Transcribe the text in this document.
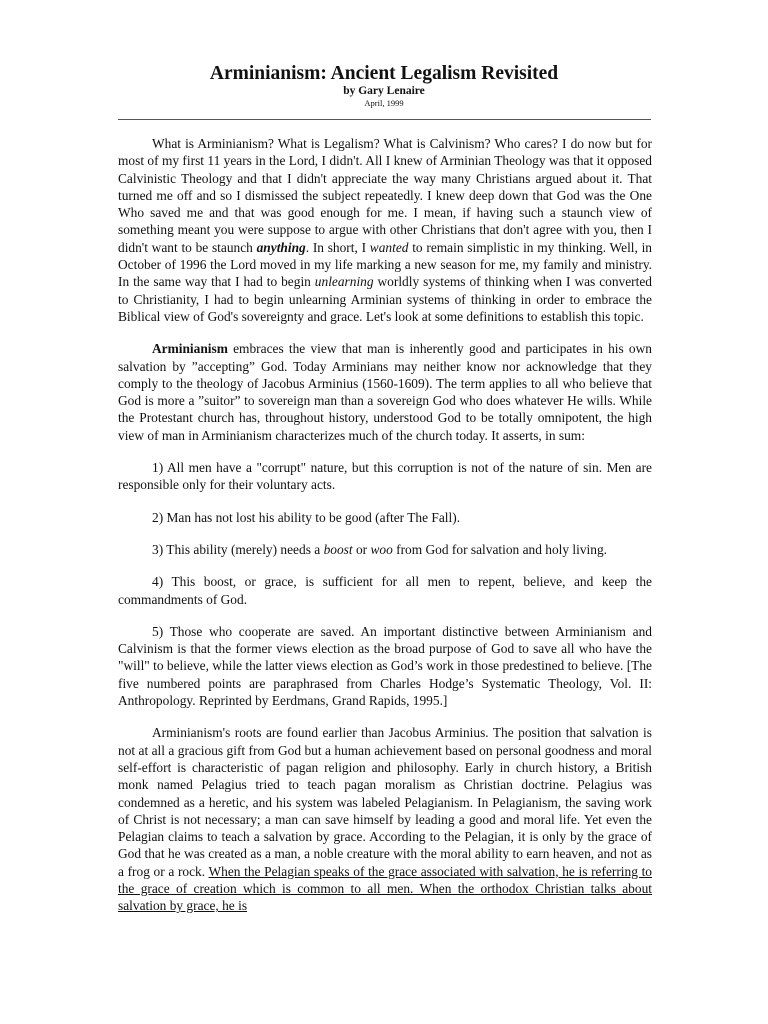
Arminianism: Ancient Legalism Revisited
by Gary Lenaire
April, 1999

What is Arminianism? What is Legalism? What is Calvinism? Who cares? I do now but for most of my first 11 years in the Lord, I didn't. All I knew of Arminian Theology was that it opposed Calvinistic Theology and that I didn't appreciate the way many Christians argued about it. That turned me off and so I dismissed the subject repeatedly. I knew deep down that God was the One Who saved me and that was good enough for me. I mean, if having such a staunch view of something meant you were suppose to argue with other Christians that don't agree with you, then I didn't want to be staunch anything. In short, I wanted to remain simplistic in my thinking. Well, in October of 1996 the Lord moved in my life marking a new season for me, my family and ministry. In the same way that I had to begin unlearning worldly systems of thinking when I was converted to Christianity, I had to begin unlearning Arminian systems of thinking in order to embrace the Biblical view of God's sovereignty and grace. Let's look at some definitions to establish this topic.

Arminianism embraces the view that man is inherently good and participates in his own salvation by ”accepting” God. Today Arminians may neither know nor acknowledge that they comply to the theology of Jacobus Arminius (1560-1609). The term applies to all who believe that God is more a ”suitor” to sovereign man than a sovereign God who does whatever He wills. While the Protestant church has, throughout history, understood God to be totally omnipotent, the high view of man in Arminianism characterizes much of the church today. It asserts, in sum:

1) All men have a "corrupt" nature, but this corruption is not of the nature of sin. Men are responsible only for their voluntary acts.

2) Man has not lost his ability to be good (after The Fall).

3) This ability (merely) needs a boost or woo from God for salvation and holy living.

4) This boost, or grace, is sufficient for all men to repent, believe, and keep the commandments of God.

5) Those who cooperate are saved. An important distinctive between Arminianism and Calvinism is that the former views election as the broad purpose of God to save all who have the "will" to believe, while the latter views election as God’s work in those predestined to believe. [The five numbered points are paraphrased from Charles Hodge’s Systematic Theology, Vol. II: Anthropology. Reprinted by Eerdmans, Grand Rapids, 1995.]

Arminianism's roots are found earlier than Jacobus Arminius. The position that salvation is not at all a gracious gift from God but a human achievement based on personal goodness and moral self-effort is characteristic of pagan religion and philosophy. Early in church history, a British monk named Pelagius tried to teach pagan moralism as Christian doctrine. Pelagius was condemned as a heretic, and his system was labeled Pelagianism. In Pelagianism, the saving work of Christ is not necessary; a man can save himself by leading a good and moral life. Yet even the Pelagian claims to teach a salvation by grace. According to the Pelagian, it is only by the grace of God that he was created as a man, a noble creature with the moral ability to earn heaven, and not as a frog or a rock. When the Pelagian speaks of the grace associated with salvation, he is referring to the grace of creation which is common to all men. When the orthodox Christian talks about salvation by grace, he is
